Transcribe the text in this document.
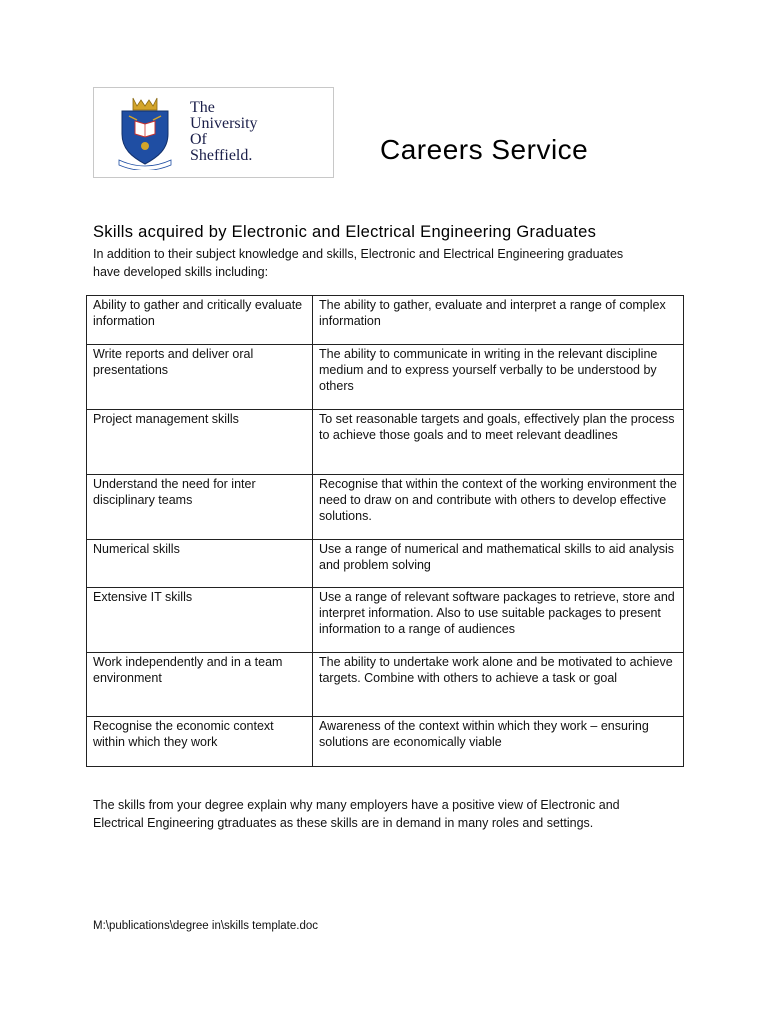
The
University
Of
Sheffield.	Careers Service
Skills acquired by Electronic and Electrical Engineering Graduates
In addition to their subject knowledge and skills, Electronic and Electrical Engineering graduates have developed skills including:
Ability to gather and critically evaluate information	The ability to gather, evaluate and interpret a range of complex information
Write reports and deliver oral presentations	The ability to communicate in writing in the relevant discipline medium and to express yourself verbally to be understood by others
Project management skills	To set reasonable targets and goals, effectively plan the process to achieve those goals and to meet relevant deadlines
Understand the need for inter disciplinary teams	Recognise that within the context of the working environment the need to draw on and contribute with others to develop effective solutions.
Numerical skills	Use a range of numerical and mathematical skills to aid analysis and problem solving
Extensive IT skills	Use a range of relevant software packages to retrieve, store and interpret information. Also to use suitable packages to present information to a range of audiences
Work independently and in a team environment	The ability to undertake work alone and be motivated to achieve targets. Combine with others to achieve a task or goal
Recognise the economic context within which they work	Awareness of the context within which they work – ensuring solutions are economically viable
The skills from your degree explain why many employers have a positive view of Electronic and Electrical Engineering gtraduates as these skills are in demand in many roles and settings.
M:\publications\degree in\skills template.doc
